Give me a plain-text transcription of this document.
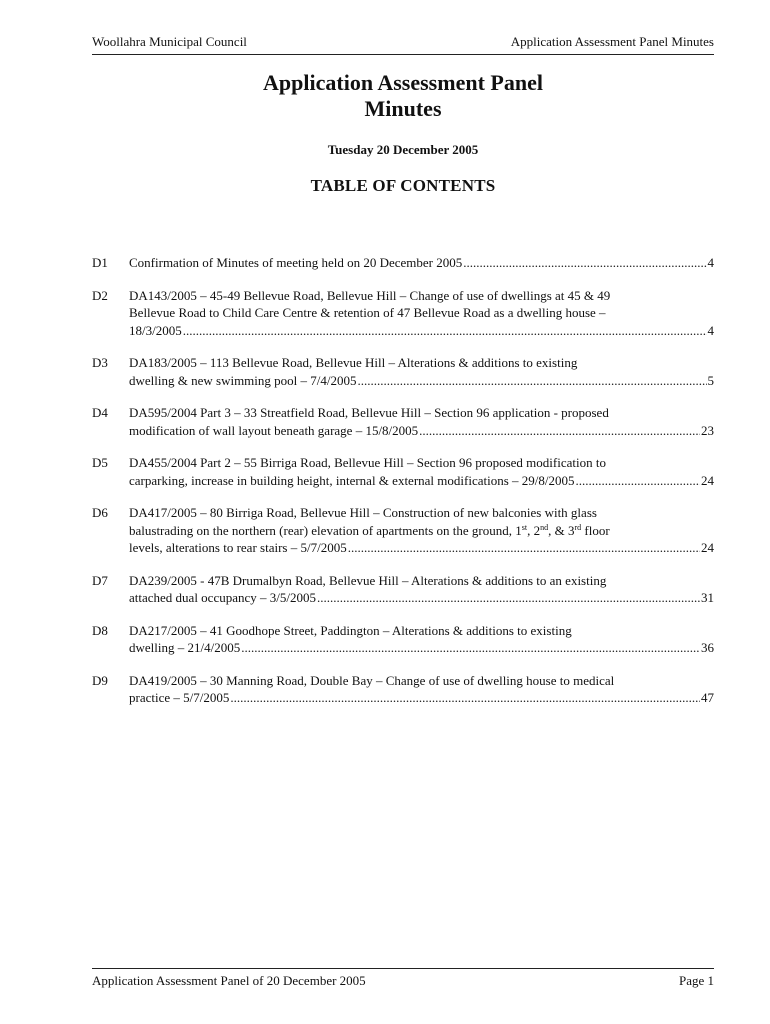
Woollahra Municipal Council	Application Assessment Panel Minutes
Application Assessment Panel
Minutes
Tuesday 20 December 2005
TABLE OF CONTENTS
D1	Confirmation of Minutes of meeting held on 20 December 2005 .....	4
D2	DA143/2005 – 45-49 Bellevue Road, Bellevue Hill – Change of use of dwellings at 45 & 49
Bellevue Road to Child Care Centre & retention of 47 Bellevue Road as a dwelling house –
18/3/2005 .....	4
D3	DA183/2005 – 113 Bellevue Road, Bellevue Hill – Alterations & additions to existing
dwelling & new swimming pool – 7/4/2005 .....	5
D4	DA595/2004 Part 3 – 33 Streatfield Road, Bellevue Hill – Section 96 application - proposed
modification of wall layout beneath garage – 15/8/2005 .....	23
D5	DA455/2004 Part 2 – 55 Birriga Road, Bellevue Hill – Section 96 proposed modification to
carparking, increase in building height, internal & external modifications – 29/8/2005 .....	24
D6	DA417/2005 – 80 Birriga Road, Bellevue Hill – Construction of new balconies with glass
balustrading on the northern (rear) elevation of apartments on the ground, 1st, 2nd, & 3rd floor
levels, alterations to rear stairs – 5/7/2005 .....	24
D7	DA239/2005 - 47B Drumalbyn Road, Bellevue Hill – Alterations & additions to an existing
attached dual occupancy – 3/5/2005 .....	31
D8	DA217/2005 – 41 Goodhope Street, Paddington – Alterations & additions to existing
dwelling – 21/4/2005 .....	36
D9	DA419/2005 – 30 Manning Road, Double Bay – Change of use of dwelling house to medical
practice – 5/7/2005 .....	47
Application Assessment Panel of 20 December 2005	Page 1
